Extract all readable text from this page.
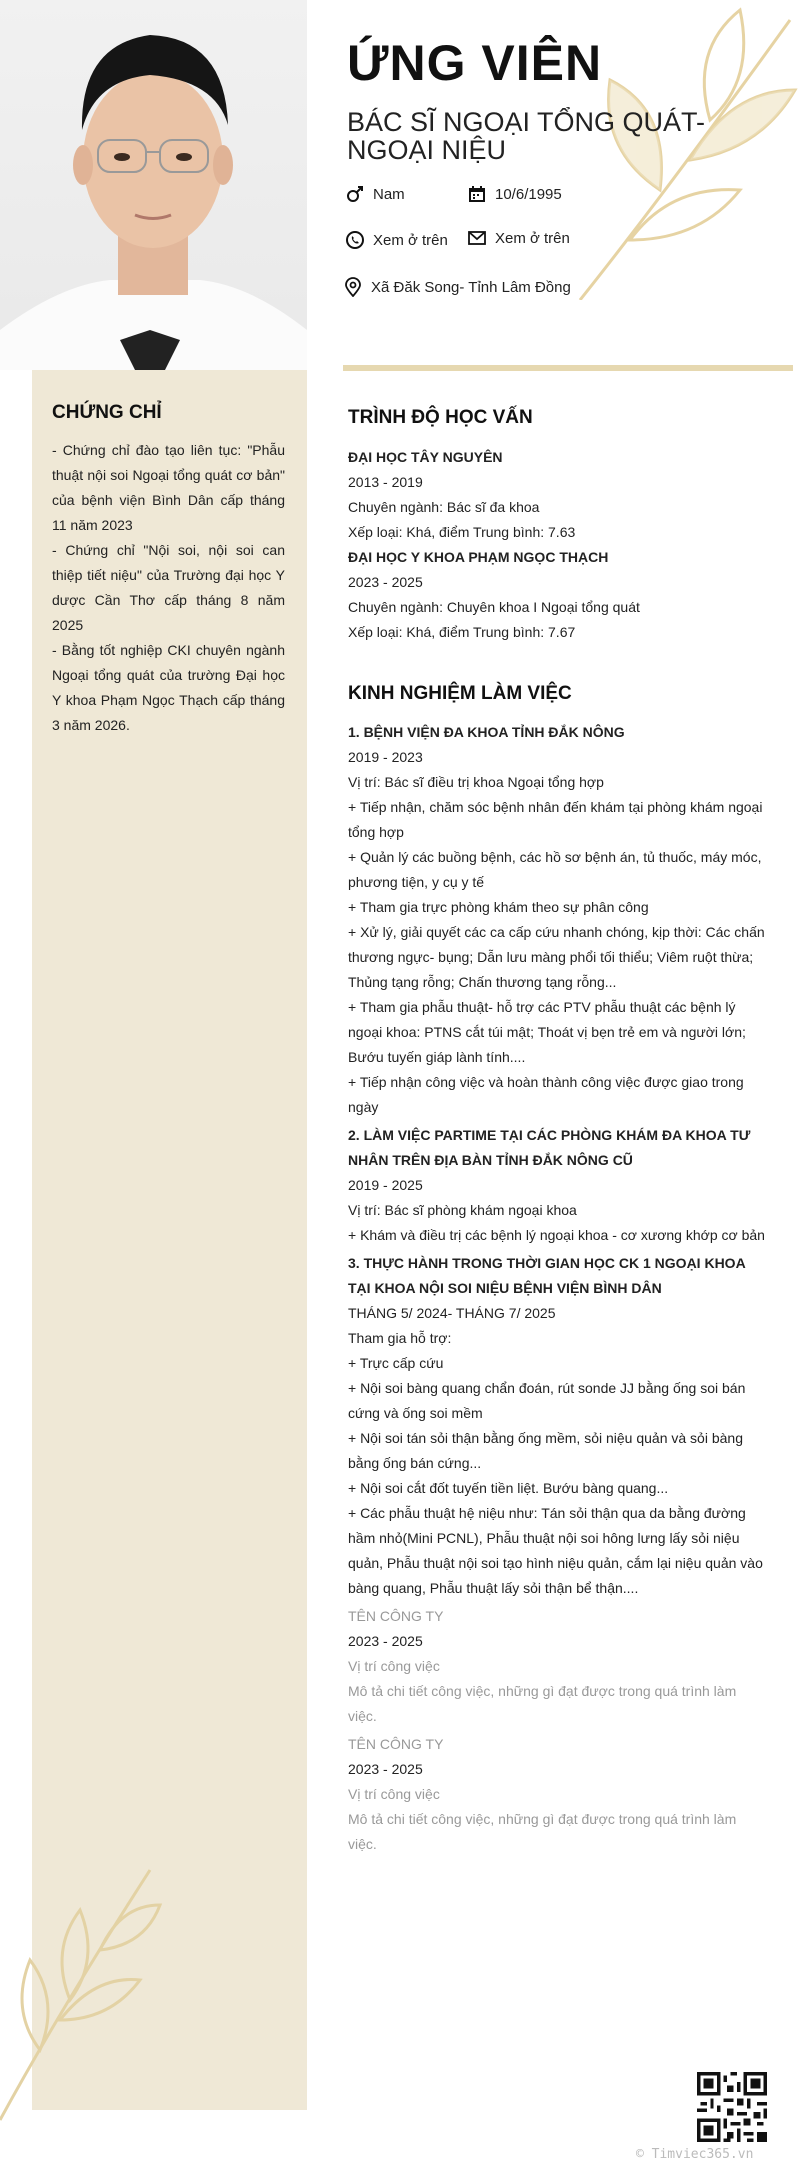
ỨNG VIÊN
BÁC SĨ NGOẠI TỔNG QUÁT- NGOẠI NIỆU
Nam	10/6/1995
Xem ở trên	Xem ở trên
Xã Đăk Song- Tỉnh Lâm Đồng
CHỨNG CHỈ

- Chứng chỉ đào tạo liên tục: "Phẫu thuật nội soi Ngoại tổng quát cơ bản" của bệnh viện Bình Dân cấp tháng 11 năm 2023

- Chứng chỉ "Nội soi, nội soi can thiệp tiết niệu" của Trường đại học Y dược Cần Thơ cấp tháng 8 năm 2025

- Bằng tốt nghiệp CKI chuyên ngành Ngoại tổng quát của trường Đại học Y khoa Phạm Ngọc Thạch cấp tháng 3 năm 2026.

TRÌNH ĐỘ HỌC VẤN

ĐẠI HỌC TÂY NGUYÊN

2013 - 2019

Chuyên ngành: Bác sĩ đa khoa

Xếp loại: Khá, điểm Trung bình: 7.63

ĐẠI HỌC Y KHOA PHẠM NGỌC THẠCH

2023 - 2025

Chuyên ngành: Chuyên khoa I Ngoại tổng quát

Xếp loại: Khá, điểm Trung bình: 7.67

KINH NGHIỆM LÀM VIỆC

1. BỆNH VIỆN ĐA KHOA TỈNH ĐẮK NÔNG

2019 - 2023

Vị trí: Bác sĩ điều trị khoa Ngoại tổng hợp

+ Tiếp nhận, chăm sóc bệnh nhân đến khám tại phòng khám ngoại tổng hợp

+ Quản lý các buồng bệnh, các hồ sơ bệnh án, tủ thuốc, máy móc, phương tiện, y cụ y tế

+ Tham gia trực phòng khám theo sự phân công

+ Xử lý, giải quyết các ca cấp cứu nhanh chóng, kịp thời: Các chấn thương ngực- bụng; Dẫn lưu màng phổi tối thiểu; Viêm ruột thừa; Thủng tạng rỗng; Chấn thương tạng rỗng...

+ Tham gia phẫu thuật- hỗ trợ các PTV phẫu thuật các bệnh lý ngoại khoa: PTNS cắt túi mật; Thoát vị bẹn trẻ em và người lớn; Bướu tuyến giáp lành tính....

+ Tiếp nhận công việc và hoàn thành công việc được giao trong ngày

2. LÀM VIỆC PARTIME TẠI CÁC PHÒNG KHÁM ĐA KHOA TƯ NHÂN TRÊN ĐỊA BÀN TỈNH ĐẮK NÔNG CŨ

2019 - 2025

Vị trí: Bác sĩ phòng khám ngoại khoa

+ Khám và điều trị các bệnh lý ngoại khoa - cơ xương khớp cơ bản

3. THỰC HÀNH TRONG THỜI GIAN HỌC CK 1 NGOẠI KHOA TẠI KHOA NỘI SOI NIỆU BỆNH VIỆN BÌNH DÂN

THÁNG 5/ 2024- THÁNG 7/ 2025

Tham gia hỗ trợ:

+ Trực cấp cứu

+ Nội soi bàng quang chẩn đoán, rút sonde JJ bằng ống soi bán cứng và ống soi mềm

+ Nội soi tán sỏi thận bằng ống mềm, sỏi niệu quản và sỏi bàng bằng ống bán cứng...

+ Nội soi cắt đốt tuyến tiền liệt. Bướu bàng quang...

+ Các phẫu thuật hệ niệu như: Tán sỏi thận qua da bằng đường hầm nhỏ(Mini PCNL), Phẫu thuật nội soi hông lưng lấy sỏi niệu quản, Phẫu thuật nội soi tạo hình niệu quản, cắm lại niệu quản vào bàng quang, Phẫu thuật lấy sỏi thận bể thận....

TÊN CÔNG TY

2023 - 2025

Vị trí công việc

Mô tả chi tiết công việc, những gì đạt được trong quá trình làm việc.

TÊN CÔNG TY

2023 - 2025

Vị trí công việc

Mô tả chi tiết công việc, những gì đạt được trong quá trình làm việc.

© Timviec365.vn
